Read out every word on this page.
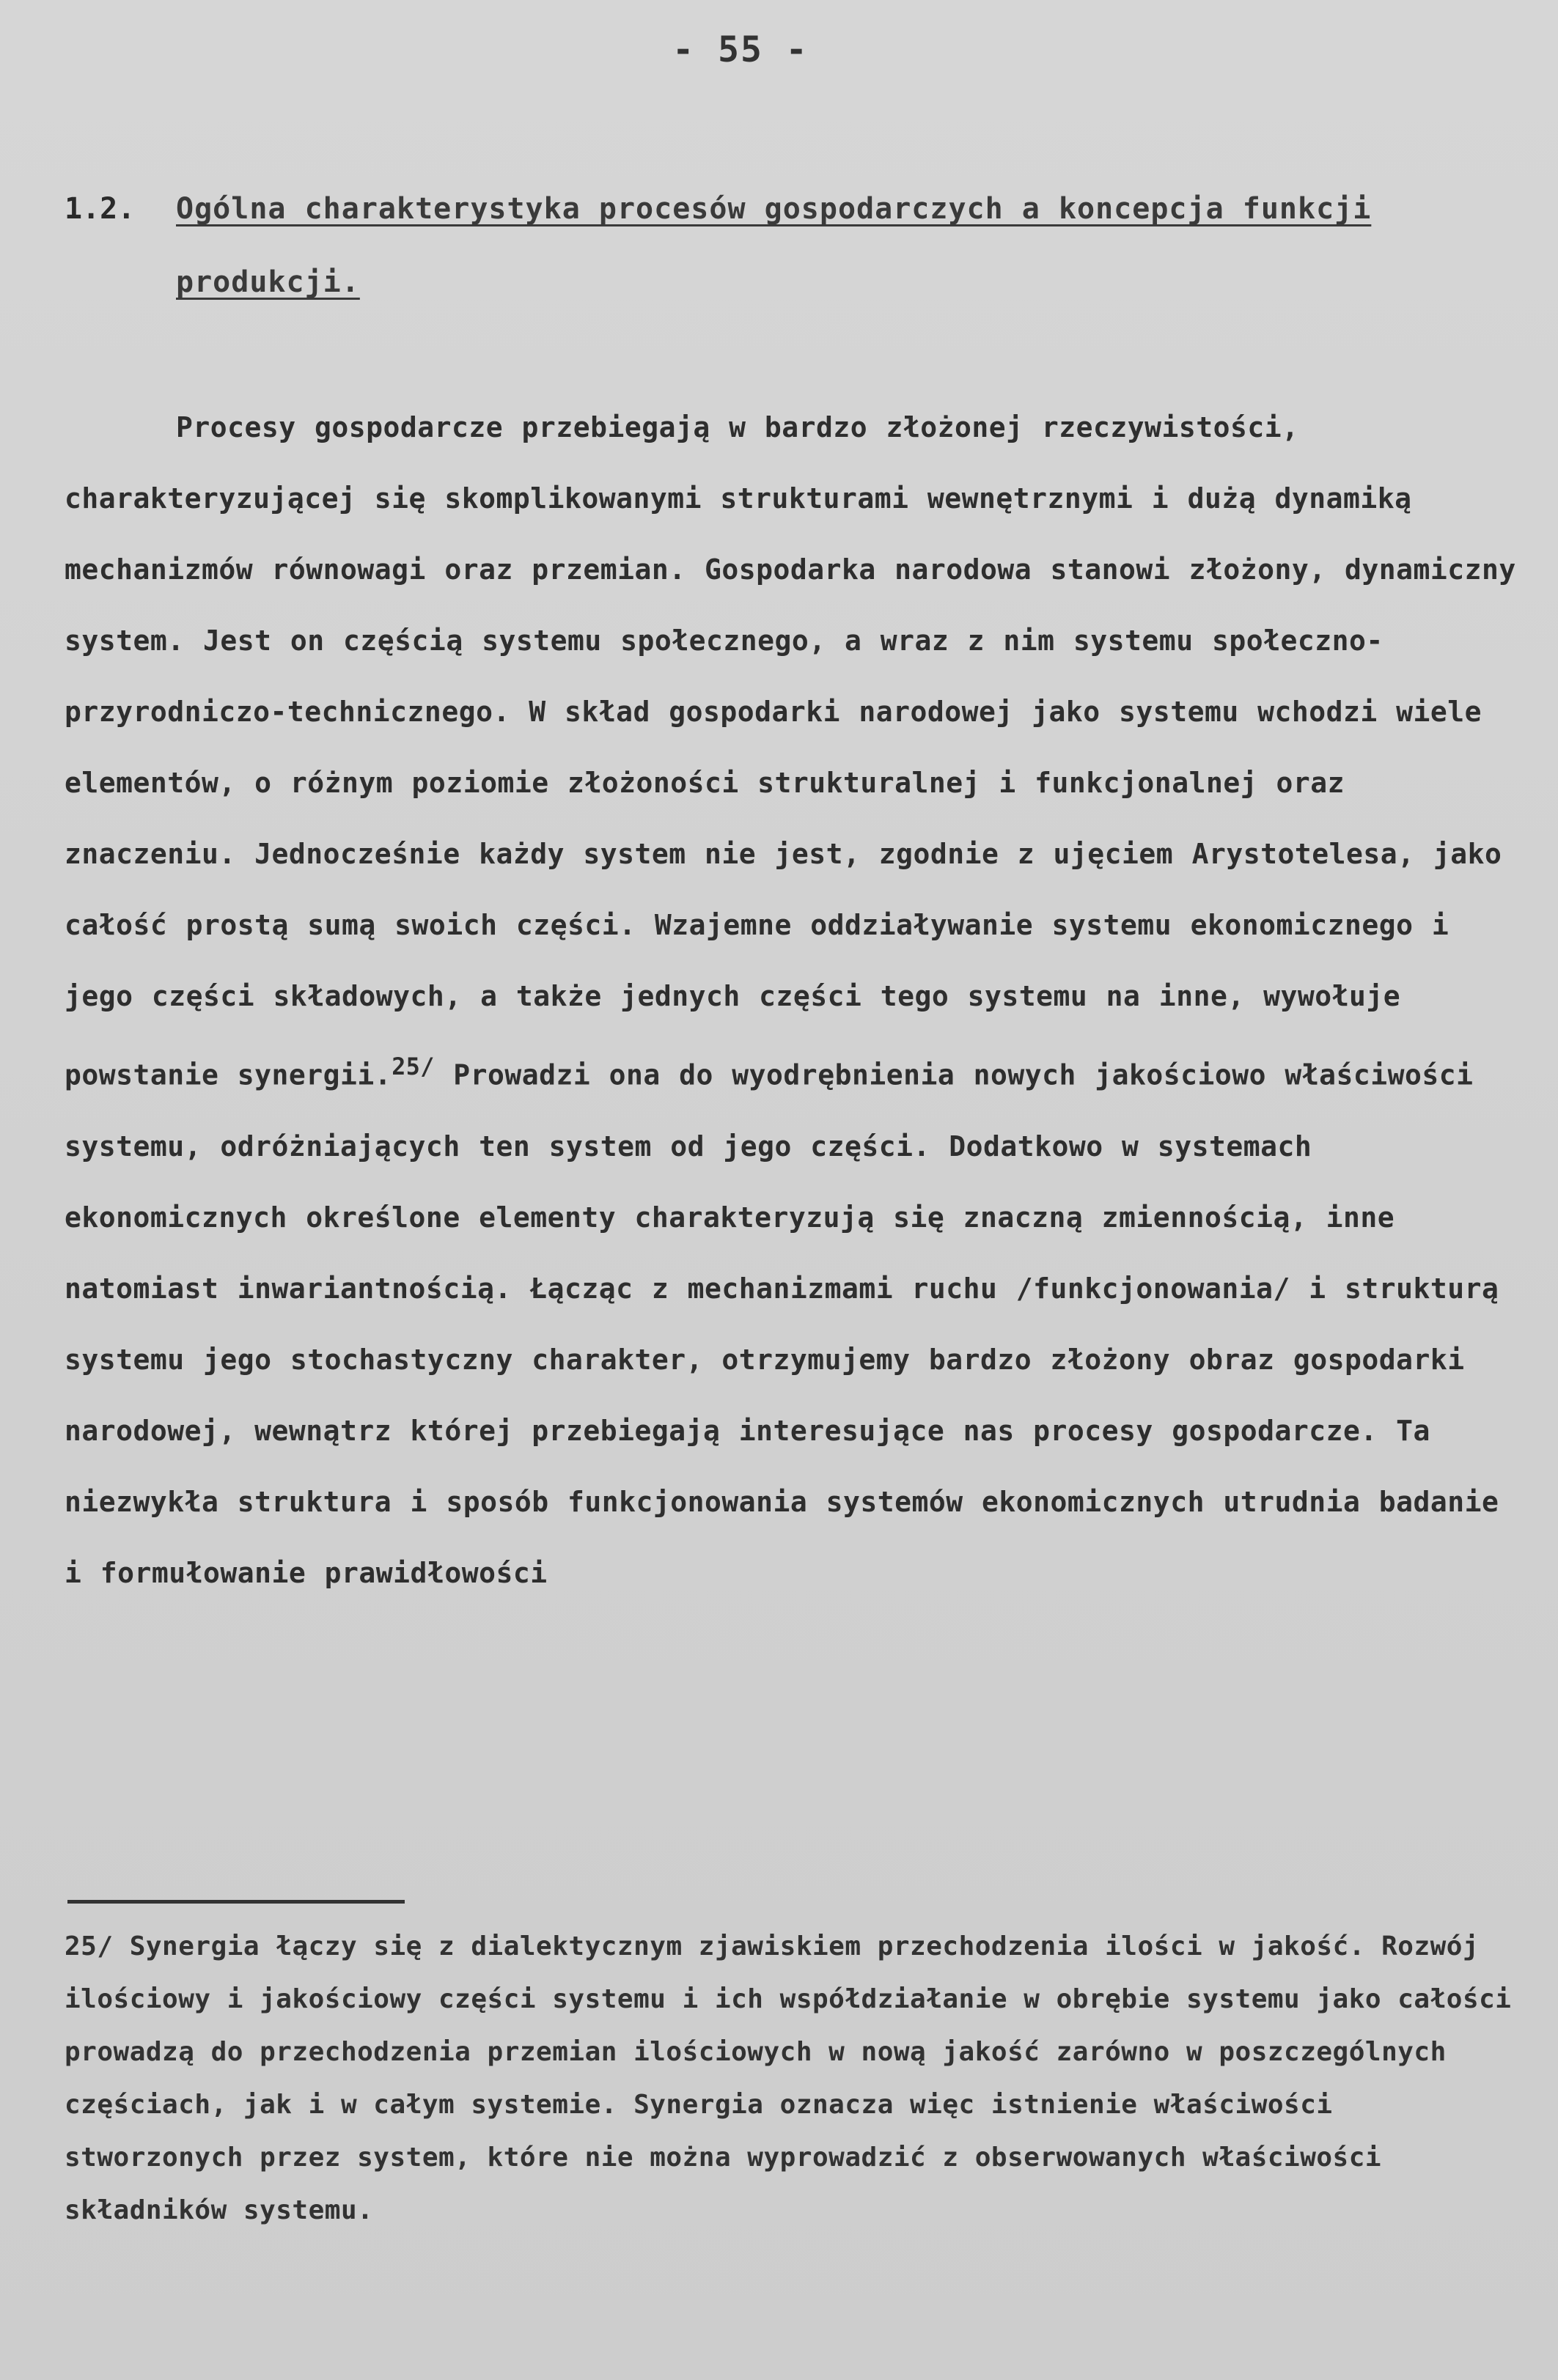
- 55 -
1.2. Ogólna charakterystyka procesów gospodarczych a koncepcja funkcji produkcji.
Procesy gospodarcze przebiegają w bardzo złożonej rzeczywistości, charakteryzującej się skomplikowanymi strukturami wewnętrznymi i dużą dynamiką mechanizmów równowagi oraz przemian. Gospodarka narodowa stanowi złożony, dynamiczny system. Jest on częścią systemu społecznego, a wraz z nim systemu społeczno-przyrodniczo-technicznego. W skład gospodarki narodowej jako systemu wchodzi wiele elementów, o różnym poziomie złożoności strukturalnej i funkcjonalnej oraz znaczeniu. Jednocześnie każdy system nie jest, zgodnie z ujęciem Arystotelesa, jako całość prostą sumą swoich części. Wzajemne oddziaływanie systemu ekonomicznego i jego części składowych, a także jednych części tego systemu na inne, wywołuje powstanie synergii.$^{25/}$ Prowadzi ona do wyodrębnienia nowych jakościowo właściwości systemu, odróżniających ten system od jego części. Dodatkowo w systemach ekonomicznych określone elementy charakteryzują się znaczną zmiennością, inne natomiast inwariantnością. Łącząc z mechanizmami ruchu /funkcjonowania/ i strukturą systemu jego stochastyczny charakter, otrzymujemy bardzo złożony obraz gospodarki narodowej, wewnątrz której przebiegają interesujące nas procesy gospodarcze. Ta niezwykła struktura i sposób funkcjonowania systemów ekonomicznych utrudnia badanie i formułowanie prawidłowości
25/ Synergia łączy się z dialektycznym zjawiskiem przechodzenia ilości w jakość. Rozwój ilościowy i jakościowy części systemu i ich współdziałanie w obrębie systemu jako całości prowadzą do przechodzenia przemian ilościowych w nową jakość zarówno w poszczególnych częściach, jak i w całym systemie. Synergia oznacza więc istnienie właściwości stworzonych przez system, które nie można wyprowadzić z obserwowanych właściwości składników systemu.
